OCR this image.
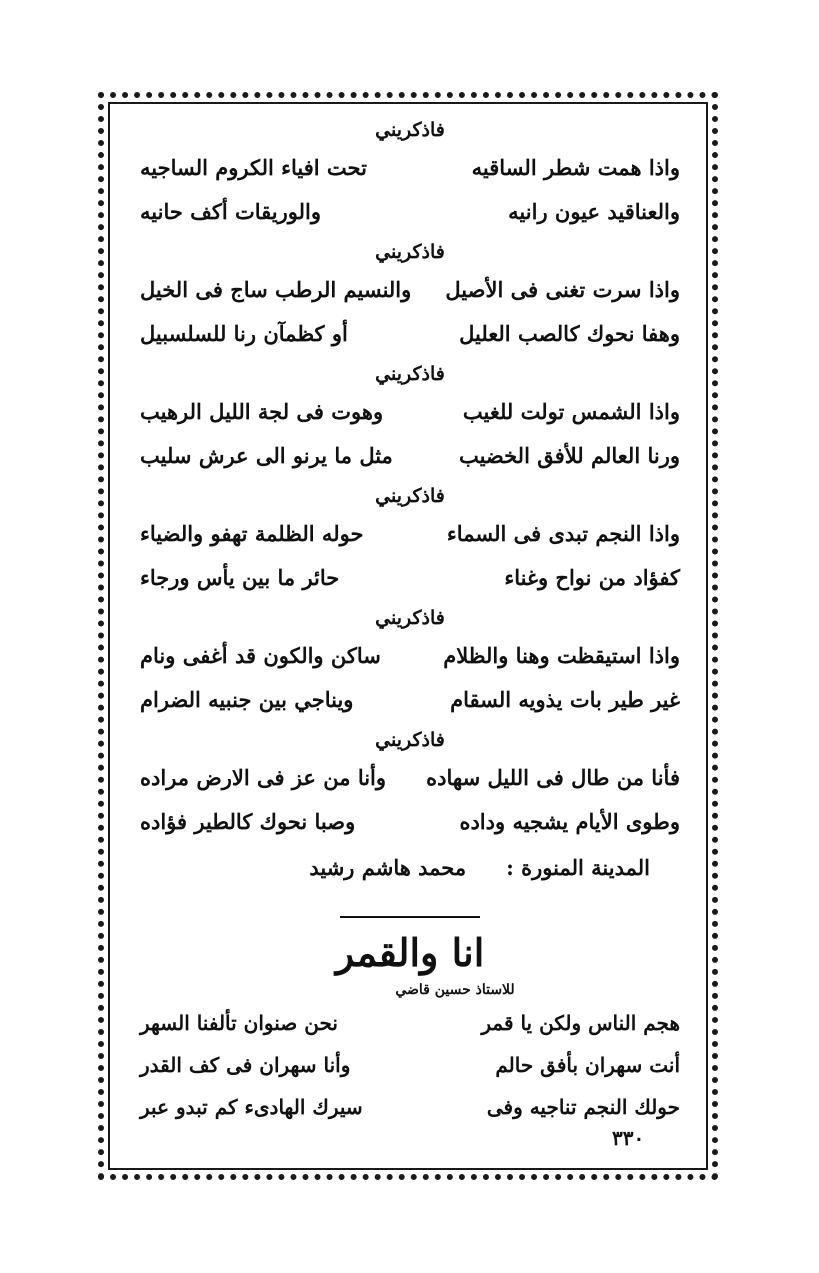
فاذكريني
واذا همت شطر الساقيه
تحت افياء الكروم الساجيه
والعناقيد عيون رانيه
والوريقات أكف حانيه
فاذكريني
واذا سرت تغنى فى الأصيل
والنسيم الرطب ساج فى الخيل
وهفا نحوك كالصب العليل
أو كظمآن رنا للسلسبيل
فاذكريني
واذا الشمس تولت للغيب
وهوت فى لجة الليل الرهيب
ورنا العالم للأفق الخضيب
مثل ما يرنو الى عرش سليب
فاذكريني
واذا النجم تبدى فى السماء
حوله الظلمة تهفو والضياء
كفؤاد من نواح وغناء
حائر ما بين يأس ورجاء
فاذكريني
واذا استيقظت وهنا والظلام
ساكن والكون قد أغفى ونام
غير طير بات يذويه السقام
ويناجي بين جنبيه الضرام
فاذكريني
فأنا من طال فى الليل سهاده
وأنا من عز فى الارض مراده
وطوى الأيام يشجيه وداده
وصبا نحوك كالطير فؤاده
المدينة المنورة :
محمد هاشم رشيد
انا والقمر
للاستاذ حسين قاضي
هجم الناس ولكن يا قمر
نحن صنوان تألفنا السهر
أنت سهران بأفق حالم
وأنا سهران فى كف القدر
حولك النجم تناجيه وفى
سيرك الهادىء كم تبدو عبر
٣٣٠
